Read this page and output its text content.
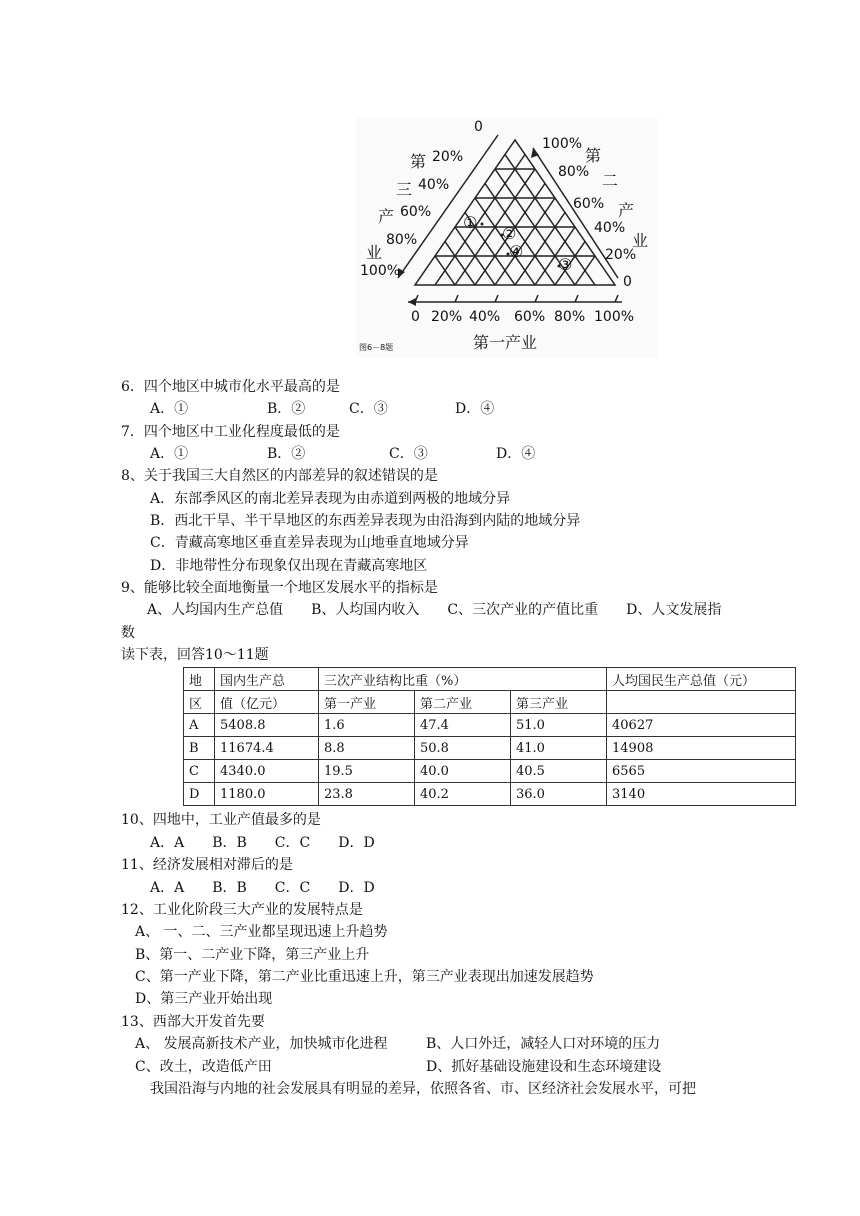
①
②
③
④
0
20%
40%
60%
80%
100%
第
三
产
业
100%
80%
60%
40%
20%
0
第
二
产
业
0 20% 40% 60% 80% 100%
第一产业
图6－8题
6．四个地区中城市化水平最高的是
A．①	B．②	C．③	D．④
7．四个地区中工业化程度最低的是
A．①	B．②	C．③	D．④
8、关于我国三大自然区的内部差异的叙述错误的是
A．东部季风区的南北差异表现为由赤道到两极的地域分异
B．西北干旱、半干旱地区的东西差异表现为由沿海到内陆的地域分异
C．青藏高寒地区垂直差异表现为山地垂直地域分异
D．非地带性分布现象仅出现在青藏高寒地区
9、能够比较全面地衡量一个地区发展水平的指标是
A、人均国内生产总值　　B、人均国内收入　　C、三次产业的产值比重　　D、人文发展指
数
读下表，回答10～11题
地	国内生产总	三次产业结构比重（%）			人均国民生产总值（元）
区	值（亿元）	第一产业	第二产业	第三产业	
A	5408.8	1.6	47.4	51.0	40627
B	11674.4	8.8	50.8	41.0	14908
C	4340.0	19.5	40.0	40.5	6565
D	1180.0	23.8	40.2	36.0	3140
10、四地中，工业产值最多的是
A．A　　B．B　　C．C　　D．D
11、经济发展相对滞后的是
A．A　　B．B　　C．C　　D．D
12、工业化阶段三大产业的发展特点是
A、 一、二、三产业都呈现迅速上升趋势
B、第一、二产业下降，第三产业上升
C、第一产业下降，第二产业比重迅速上升，第三产业表现出加速发展趋势
D、第三产业开始出现
13、西部大开发首先要
A、 发展高新技术产业，加快城市化进程	B、人口外迁，减轻人口对环境的压力
C、改土，改造低产田	D、抓好基础设施建设和生态环境建设
我国沿海与内地的社会发展具有明显的差异，依照各省、市、区经济社会发展水平，可把
